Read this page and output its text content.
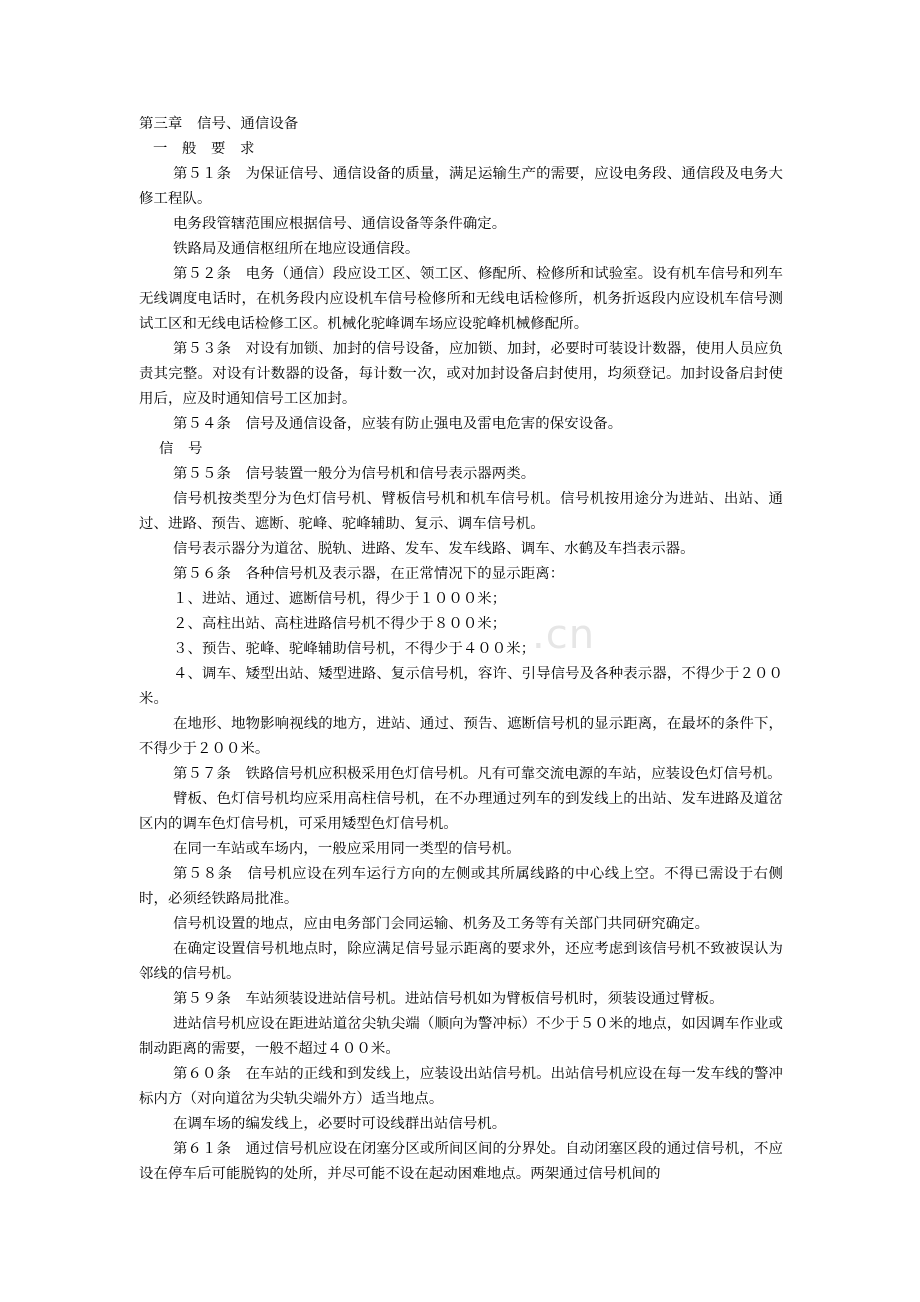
.cn

第三章　信号、通信设备

一　般　要　求

第５１条　为保证信号、通信设备的质量，满足运输生产的需要，应设电务段、通信段及电务大修工程队。

电务段管辖范围应根据信号、通信设备等条件确定。

铁路局及通信枢纽所在地应设通信段。

第５２条　电务（通信）段应设工区、领工区、修配所、检修所和试验室。设有机车信号和列车无线调度电话时，在机务段内应设机车信号检修所和无线电话检修所，机务折返段内应设机车信号测试工区和无线电话检修工区。机械化驼峰调车场应设驼峰机械修配所。

第５３条　对设有加锁、加封的信号设备，应加锁、加封，必要时可装设计数器，使用人员应负责其完整。对设有计数器的设备，每计数一次，或对加封设备启封使用，均须登记。加封设备启封使用后，应及时通知信号工区加封。

第５４条　信号及通信设备，应装有防止强电及雷电危害的保安设备。

信　号

第５５条　信号装置一般分为信号机和信号表示器两类。

信号机按类型分为色灯信号机、臂板信号机和机车信号机。信号机按用途分为进站、出站、通过、进路、预告、遮断、驼峰、驼峰辅助、复示、调车信号机。

信号表示器分为道岔、脱轨、进路、发车、发车线路、调车、水鹤及车挡表示器。

第５６条　各种信号机及表示器，在正常情况下的显示距离：

１、进站、通过、遮断信号机，得少于１０００米；

２、高柱出站、高柱进路信号机不得少于８００米；

３、预告、驼峰、驼峰辅助信号机，不得少于４００米；

４、调车、矮型出站、矮型进路、复示信号机，容许、引导信号及各种表示器，不得少于２００米。

在地形、地物影响视线的地方，进站、通过、预告、遮断信号机的显示距离，在最坏的条件下，不得少于２００米。

第５７条　铁路信号机应积极采用色灯信号机。凡有可靠交流电源的车站，应装设色灯信号机。

臂板、色灯信号机均应采用高柱信号机，在不办理通过列车的到发线上的出站、发车进路及道岔区内的调车色灯信号机，可采用矮型色灯信号机。

在同一车站或车场内，一般应采用同一类型的信号机。

第５８条　信号机应设在列车运行方向的左侧或其所属线路的中心线上空。不得已需设于右侧时，必须经铁路局批准。

信号机设置的地点，应由电务部门会同运输、机务及工务等有关部门共同研究确定。

在确定设置信号机地点时，除应满足信号显示距离的要求外，还应考虑到该信号机不致被误认为邻线的信号机。

第５９条　车站须装设进站信号机。进站信号机如为臂板信号机时，须装设通过臂板。

进站信号机应设在距进站道岔尖轨尖端（顺向为警冲标）不少于５０米的地点，如因调车作业或制动距离的需要，一般不超过４００米。

第６０条　在车站的正线和到发线上，应装设出站信号机。出站信号机应设在每一发车线的警冲标内方（对向道岔为尖轨尖端外方）适当地点。

在调车场的编发线上，必要时可设线群出站信号机。

第６１条　通过信号机应设在闭塞分区或所间区间的分界处。自动闭塞区段的通过信号机，不应设在停车后可能脱钩的处所，并尽可能不设在起动困难地点。两架通过信号机间的
